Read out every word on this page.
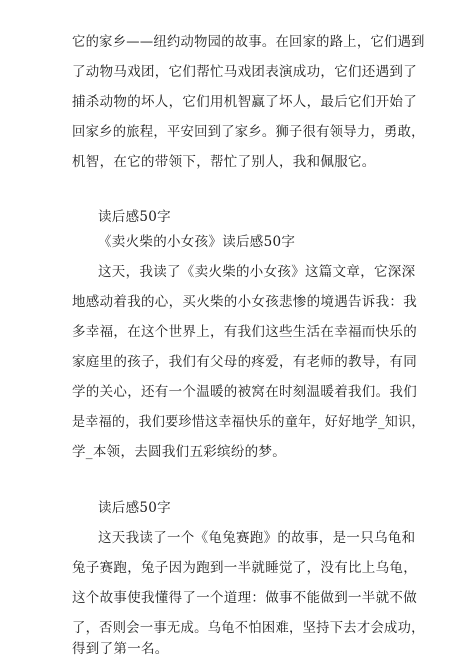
它的家乡——纽约动物园的故事。在回家的路上，它们遇到
了动物马戏团，它们帮忙马戏团表演成功，它们还遇到了
捕杀动物的坏人，它们用机智赢了坏人，最后它们开始了
回家乡的旅程，平安回到了家乡。狮子很有领导力，勇敢，
机智，在它的带领下，帮忙了别人，我和佩服它。
读后感50字
《卖火柴的小女孩》读后感50字
这天，我读了《卖火柴的小女孩》这篇文章，它深深
地感动着我的心，买火柴的小女孩悲惨的境遇告诉我：我
多幸福，在这个世界上，有我们这些生活在幸福而快乐的
家庭里的孩子，我们有父母的疼爱，有老师的教导，有同
学的关心，还有一个温暖的被窝在时刻温暖着我们。我们
是幸福的，我们要珍惜这幸福快乐的童年，好好地学_知识，
学_本领，去圆我们五彩缤纷的梦。
读后感50字
这天我读了一个《龟兔赛跑》的故事，是一只乌龟和
兔子赛跑，兔子因为跑到一半就睡觉了，没有比上乌龟，
这个故事使我懂得了一个道理：做事不能做到一半就不做
了，否则会一事无成。乌龟不怕困难，坚持下去才会成功，
得到了第一名。
